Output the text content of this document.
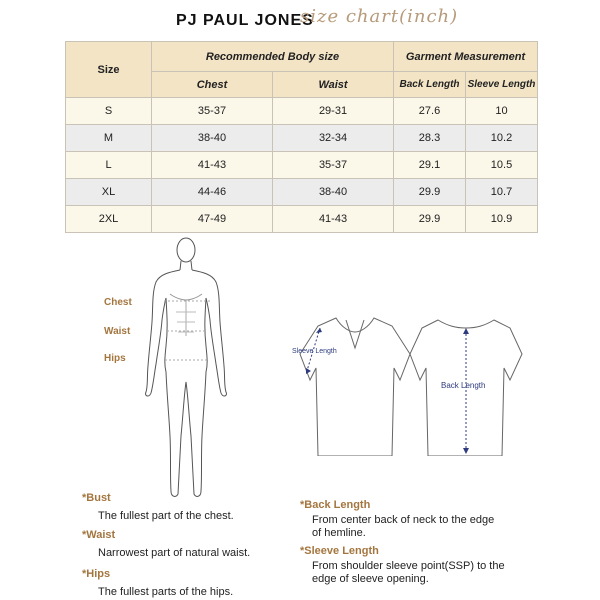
PJ PAUL JONES
size chart(inch)
Size	Recommended Body size		Garment Measurement	
	Chest	Waist	Back Length	Sleeve Length
S	35-37	29-31	27.6	10
M	38-40	32-34	28.3	10.2
L	41-43	35-37	29.1	10.5
XL	44-46	38-40	29.9	10.7
2XL	47-49	41-43	29.9	10.9
Chest
Waist
Hips
Sleeve Length
Back Length
*Bust
The fullest part of the chest.
*Waist
Narrowest part of natural waist.
*Hips
The fullest parts of the hips.
*Back Length
From center back of neck to the edge
of hemline.
*Sleeve Length
From shoulder sleeve point(SSP) to the
edge of sleeve opening.
